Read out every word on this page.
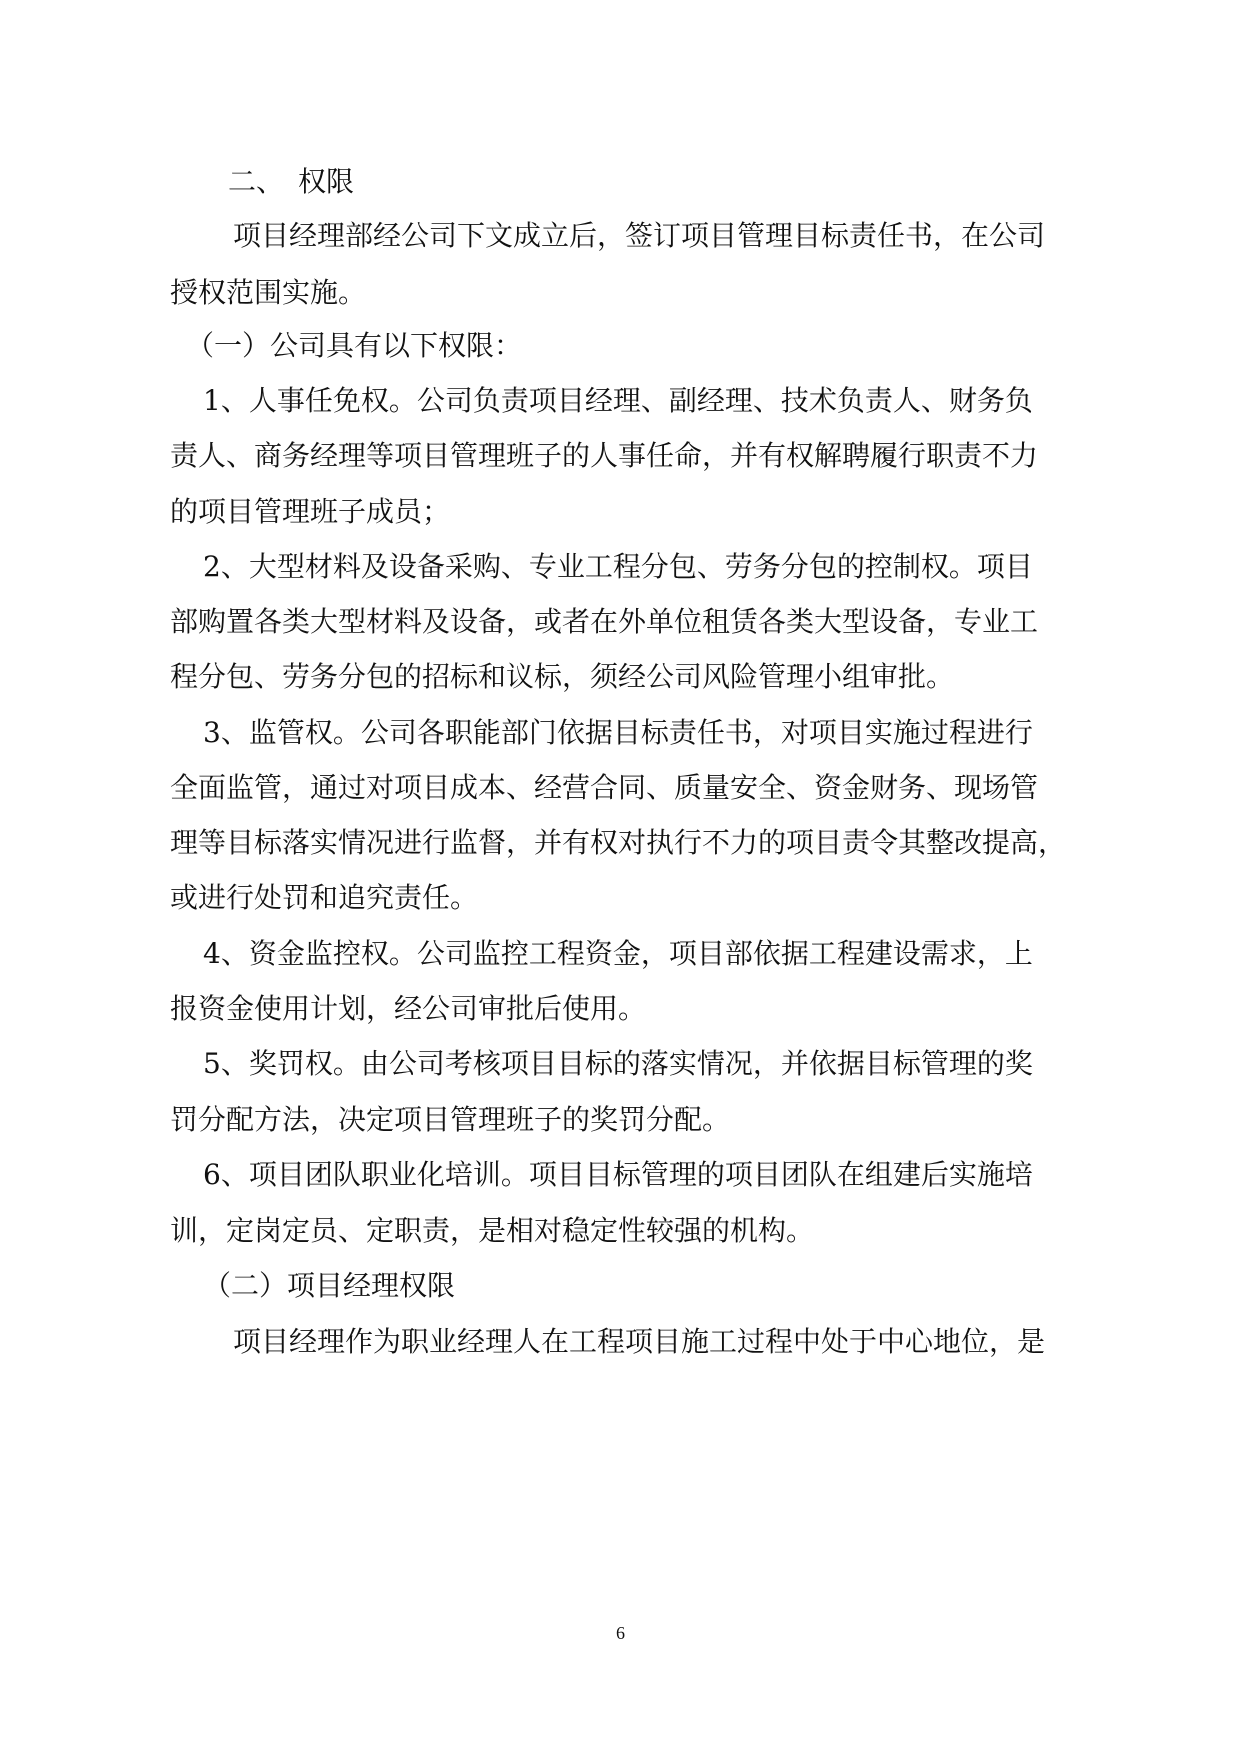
二、　权限
项目经理部经公司下文成立后，签订项目管理目标责任书，在公司
授权范围实施。
（一）公司具有以下权限：
1、人事任免权。公司负责项目经理、副经理、技术负责人、财务负
责人、商务经理等项目管理班子的人事任命，并有权解聘履行职责不力
的项目管理班子成员；
2、大型材料及设备采购、专业工程分包、劳务分包的控制权。项目
部购置各类大型材料及设备，或者在外单位租赁各类大型设备，专业工
程分包、劳务分包的招标和议标，须经公司风险管理小组审批。
3、监管权。公司各职能部门依据目标责任书，对项目实施过程进行
全面监管，通过对项目成本、经营合同、质量安全、资金财务、现场管
理等目标落实情况进行监督，并有权对执行不力的项目责令其整改提高，
或进行处罚和追究责任。
4、资金监控权。公司监控工程资金，项目部依据工程建设需求，上
报资金使用计划，经公司审批后使用。
5、奖罚权。由公司考核项目目标的落实情况，并依据目标管理的奖
罚分配方法，决定项目管理班子的奖罚分配。
6、项目团队职业化培训。项目目标管理的项目团队在组建后实施培
训，定岗定员、定职责，是相对稳定性较强的机构。
（二）项目经理权限
项目经理作为职业经理人在工程项目施工过程中处于中心地位，是
6
